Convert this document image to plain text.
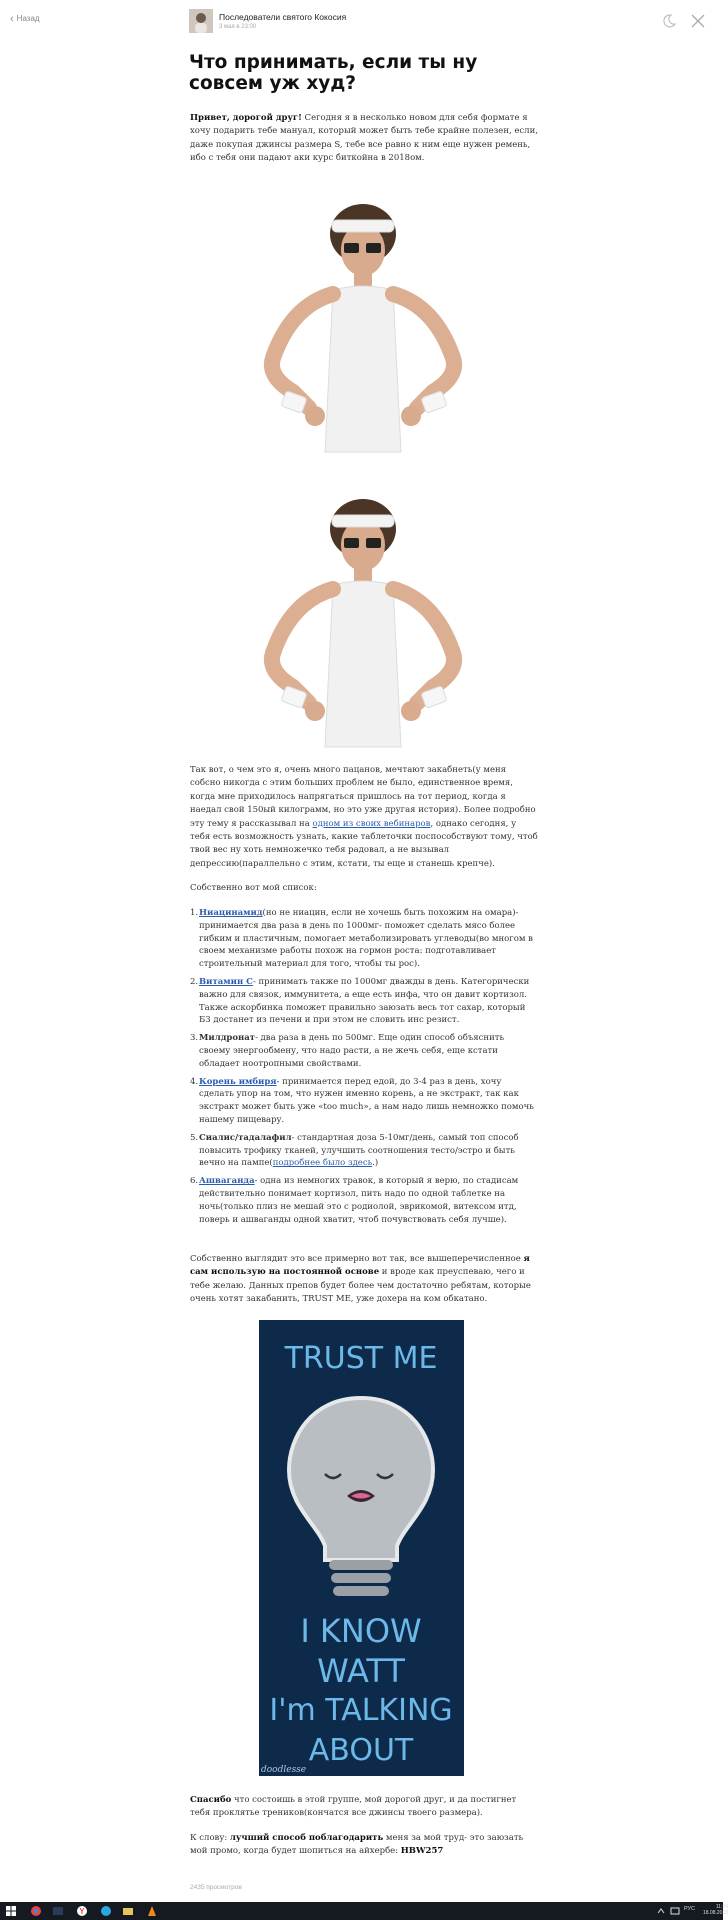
‹ Назад	Последователи святого Кокосия
3 мая в 23:00
Что принимать, если ты ну совсем уж худ?

Привет, дорогой друг! Сегодня я в несколько новом для себя формате я хочу подарить тебе мануал, который может быть тебе крайне полезен, если, даже покупая джинсы размера S, тебе все равно к ним еще нужен ремень, ибо с тебя они падают аки курс биткойна в 2018ом.

Так вот, о чем это я, очень много пацанов, мечтают закабнеть(у меня собсно никогда с этим больших проблем не было, единственное время, когда мне приходилось напрягаться пришлось на тот период, когда я наедал свой 150ый килограмм, но это уже другая история). Более подробно эту тему я рассказывал на одном из своих вебинаров, однако сегодня, у тебя есть возможность узнать, какие таблеточки поспособствуют тому, чтоб твой вес ну хоть немножечко тебя радовал, а не вызывал депрессию(параллельно с этим, кстати, ты еще и станешь крепче).

Собственно вот мой список:

1. Ниацинамид(но не ниацин, если не хочешь быть похожим на омара)- принимается два раза в день по 1000мг- поможет сделать мясо более гибким и пластичным, помогает метаболизировать углеводы(во многом в своем механизме работы похож на гормон роста: подготавливает строительный материал для того, чтобы ты рос).
2. Витамин С- принимать также по 1000мг дважды в день. Категорически важно для связок, иммунитета, а еще есть инфа, что он давит кортизол. Также аскорбинка поможет правильно заюзать весь тот сахар, который Б3 достанет из печени и при этом не словить инс резист.
3. Милдронат- два раза в день по 500мг. Еще один способ объяснить своему энергообмену, что надо расти, а не жечь себя, еще кстати обладает ноотропными свойствами.
4. Корень имбиря- принимается перед едой, до 3-4 раз в день, хочу сделать упор на том, что нужен именно корень, а не экстракт, так как экстракт может быть уже «too much», а нам надо лишь немножко помочь нашему пищевару.
5. Сиалис/тадалафил- стандартная доза 5-10мг/день, самый топ способ повысить трофику тканей, улучшить соотношения тесто/эстро и быть вечно на пампе(подробнее было здесь.)
6. Ашваганда- одна из немногих травок, в который я верю, по стадисам действительно понимает кортизол, пить надо по одной таблетке на ночь(только плиз не мешай это с родиолой, эврикомой, витексом итд, поверь и ашваганды одной хватит, чтоб почувствовать себя лучше).

Собственно выглядит это все примерно вот так, все вышеперечисленное я сам использую на постоянной основе и вроде как преуспеваю, чего и тебе желаю. Данных препов будет более чем достаточно ребятам, которые очень хотят закабанить, TRUST ME, уже дохера на ком обкатано.

TRUST ME
I KNOW
WATT
I'm TALKING
ABOUT
doodlesse

Спасибо что состоишь в этой группе, мой дорогой друг, и да постигнет тебя проклятье треников(кончатся все джинсы твоего размера).

К слову: лучший способ поблагодарить меня за мой труд- это заюзать мой промо, когда будет шопиться на айхербе: HBW257

2435 просмотров
Y	РУС	11:24
18.08.2018
